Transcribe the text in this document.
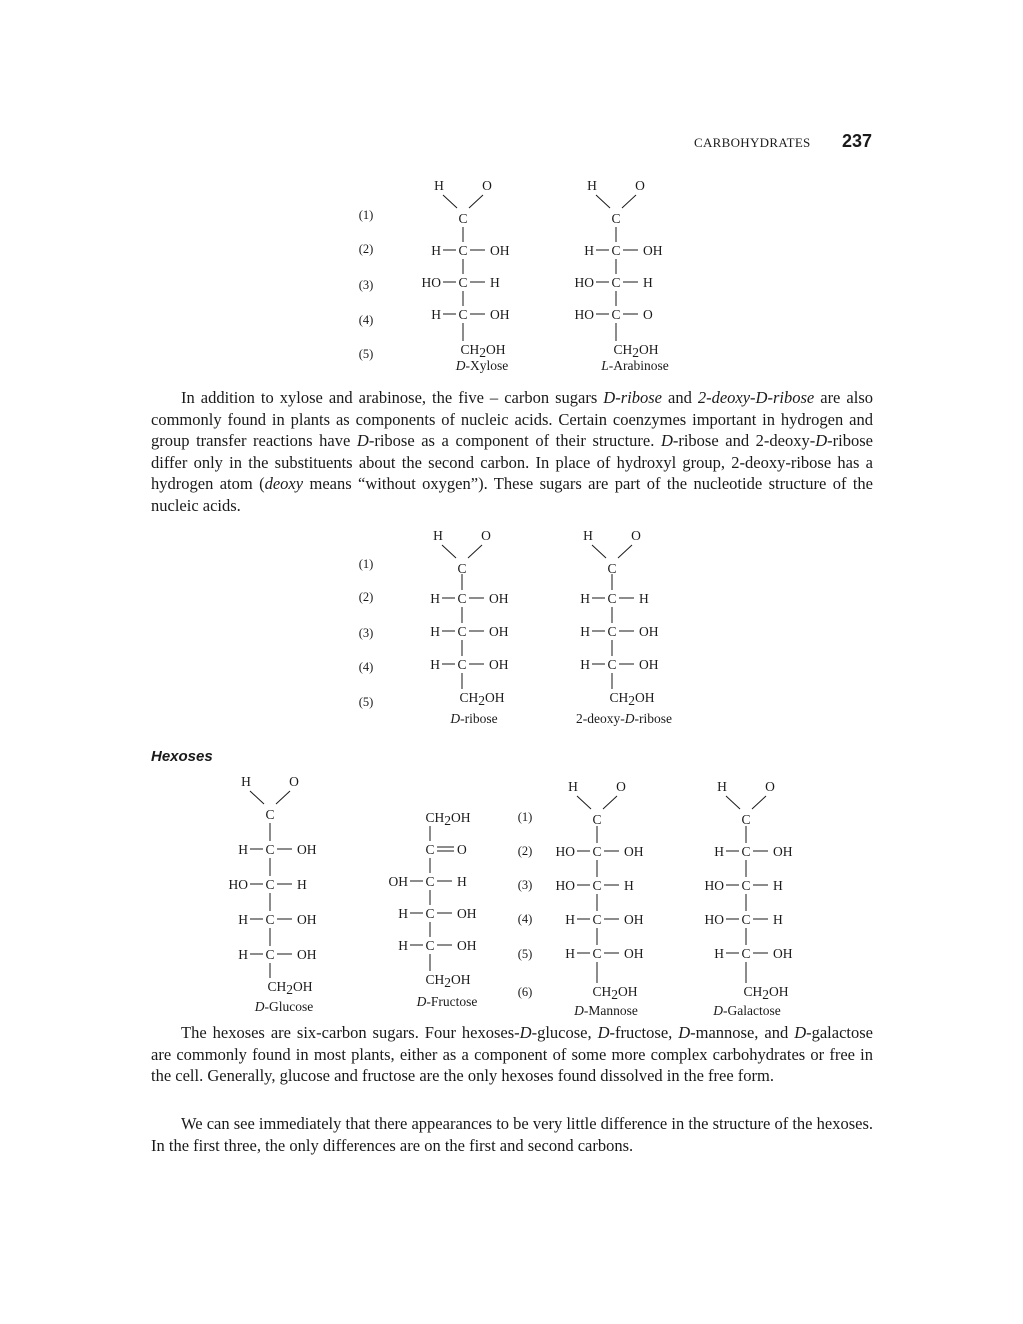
CARBOHYDRATES 237
(1)
(2)
(3)
(4)
(5)
H	O
C
H C OH
HO C H
H C OH
CH2OH
D-Xylose
H	O
C
H C OH
HO C H
HO C O
CH2OH
L-Arabinose

In addition to xylose and arabinose, the five – carbon sugars D-ribose and 2-deoxy-D-ribose are also commonly found in plants as components of nucleic acids. Certain coenzymes important in hydrogen and group transfer reactions have D-ribose as a component of their structure. D-ribose and 2-deoxy-D-ribose differ only in the substituents about the second carbon. In place of hydroxyl group, 2-deoxy-ribose has a hydrogen atom (deoxy means “without oxygen”). These sugars are part of the nucleotide structure of the nucleic acids.

(1)
(2)
(3)
(4)
(5)
H	O
C
H C OH
H C OH
H C OH
CH2OH
D-ribose
H	O
C
H C H
H C OH
H C OH
CH2OH
2-deoxy-D-ribose
Hexoses
(1)
(2)
(3)
(4)
(5)
(6)
H	O
C
H C OH
HO C H
H C OH
H C OH
CH2OH
D-Glucose
CH2OH
C O
OH C H
H C OH
H C OH
CH2OH
D-Fructose
H	O
C
HO C OH
HO C H
H C OH
H C OH
CH2OH
D-Mannose
H	O
C
H C OH
HO C H
HO C H
H C OH
CH2OH
D-Galactose

The hexoses are six-carbon sugars. Four hexoses-D-glucose, D-fructose, D-mannose, and D-galactose are commonly found in most plants, either as a component of some more complex carbohydrates or free in the cell. Generally, glucose and fructose are the only hexoses found dissolved in the free form.

We can see immediately that there appearances to be very little difference in the structure of the hexoses. In the first three, the only differences are on the first and second carbons.
